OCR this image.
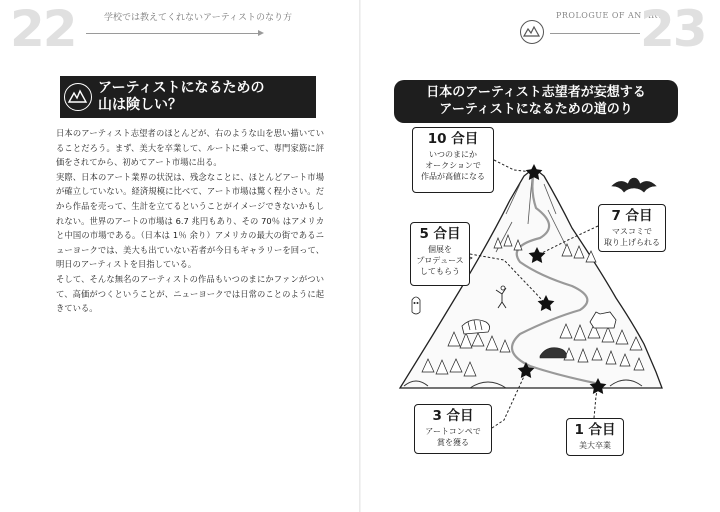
22	学校では教えてくれないアーティストのなり方
アーティストになるための
山は険しい？

日本のアーティスト志望者のほとんどが、右のような山を思い描いていることだろう。まず、美大を卒業して、ルートに乗って、専門家筋に評価をされてから、初めてアート市場に出る。

実際、日本のアート業界の状況は、残念なことに、ほとんどアート市場が確立していない。経済規模に比べて、アート市場は驚く程小さい。だから作品を売って、生計を立てるということがイメージできないかもしれない。世界のアートの市場は 6.7 兆円もあり、その 70％ はアメリカと中国の市場である。（日本は 1％ 余り）アメリカの最大の街であるニューヨークでは、美大も出ていない若者が今日もギャラリーを回って、明日のアーティストを目指している。

そして、そんな無名のアーティストの作品もいつのまにかファンがついて、高価がつくということが、ニューヨークでは日常のことのように起きている。

PROLOGUE OF AN ART
23
日本のアーティスト志望者が妄想する
アーティストになるための道のり
10 合目
いつのまにか
オークションで
作品が高値になる
7 合目
マスコミで
取り上げられる
5 合目
個展を
プロデュース
してもらう
3 合目
アートコンペで
賞を獲る
1 合目
美大卒業
